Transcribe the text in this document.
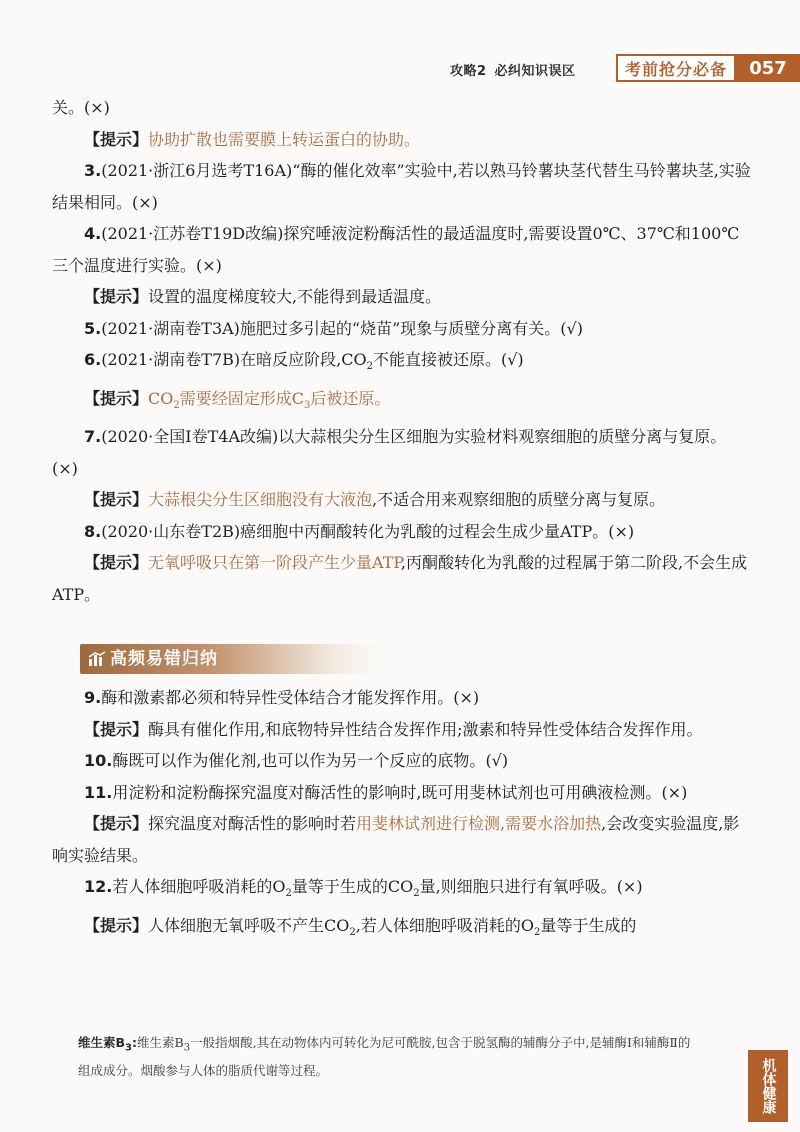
攻略2 必纠知识误区	考前抢分必备	057

关。(×)

【提示】协助扩散也需要膜上转运蛋白的协助。

3.(2021·浙江6月选考T16A)“酶的催化效率”实验中,若以熟马铃薯块茎代替生马铃薯块茎,实验结果相同。(×)

4.(2021·江苏卷T19D改编)探究唾液淀粉酶活性的最适温度时,需要设置0℃、37℃和100℃三个温度进行实验。(×)

【提示】设置的温度梯度较大,不能得到最适温度。

5.(2021·湖南卷T3A)施肥过多引起的“烧苗”现象与质壁分离有关。(√)

6.(2021·湖南卷T7B)在暗反应阶段$,CO_2$不能直接被还原。(√)

【提示】$CO_2$需要经固定形成$C_3$后被还原。

7.(2020·全国Ⅰ卷T4A改编)以大蒜根尖分生区细胞为实验材料观察细胞的质壁分离与复原。(×)

【提示】大蒜根尖分生区细胞没有大液泡,不适合用来观察细胞的质壁分离与复原。

8.(2020·山东卷T2B)癌细胞中丙酮酸转化为乳酸的过程会生成少量ATP。(×)

【提示】无氧呼吸只在第一阶段产生少量ATP,丙酮酸转化为乳酸的过程属于第二阶段,不会生成ATP。

高频易错归纳

9.酶和激素都必须和特异性受体结合才能发挥作用。(×)

【提示】酶具有催化作用,和底物特异性结合发挥作用;激素和特异性受体结合发挥作用。

10.酶既可以作为催化剂,也可以作为另一个反应的底物。(√)

11.用淀粉和淀粉酶探究温度对酶活性的影响时,既可用斐林试剂也可用碘液检测。(×)

【提示】探究温度对酶活性的影响时若用斐林试剂进行检测,需要水浴加热,会改变实验温度,影响实验结果。

12.若人体细胞呼吸消耗的$O_2$量等于生成的$CO_2$量,则细胞只进行有氧呼吸。(×)

【提示】人体细胞无氧呼吸不产生$CO_2$,若人体细胞呼吸消耗的$O_2$量等于生成的

维生素$B_3$:维生素$B_3$一般指烟酸,其在动物体内可转化为尼可酰胺,包含于脱氢酶的辅酶分子中,是辅酶Ⅰ和辅酶Ⅱ的组成成分。烟酸参与人体的脂质代谢等过程。	机体健康
